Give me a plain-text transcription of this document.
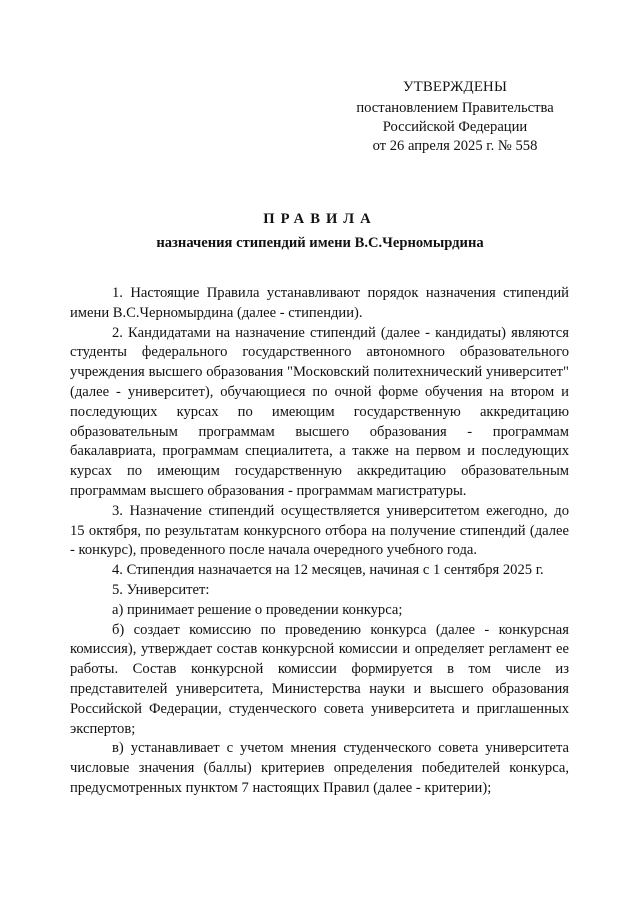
УТВЕРЖДЕНЫ
постановлением Правительства
Российской Федерации
от 26 апреля 2025 г. № 558
ПРАВИЛА
назначения стипендий имени В.С.Черномырдина

1. Настоящие Правила устанавливают порядок назначения стипендий имени В.С.Черномырдина (далее - стипендии).

2. Кандидатами на назначение стипендий (далее - кандидаты) являются студенты федерального государственного автономного образовательного учреждения высшего образования "Московский политехнический университет" (далее - университет), обучающиеся по очной форме обучения на втором и последующих курсах по имеющим государственную аккредитацию образовательным программам высшего образования - программам бакалавриата, программам специалитета, а также на первом и последующих курсах по имеющим государственную аккредитацию образовательным программам высшего образования - программам магистратуры.

3. Назначение стипендий осуществляется университетом ежегодно, до 15 октября, по результатам конкурсного отбора на получение стипендий (далее - конкурс), проведенного после начала очередного учебного года.

4. Стипендия назначается на 12 месяцев, начиная с 1 сентября 2025 г.

5. Университет:

а) принимает решение о проведении конкурса;

б) создает комиссию по проведению конкурса (далее - конкурсная комиссия), утверждает состав конкурсной комиссии и определяет регламент ее работы. Состав конкурсной комиссии формируется в том числе из представителей университета, Министерства науки и высшего образования Российской Федерации, студенческого совета университета и приглашенных экспертов;

в) устанавливает с учетом мнения студенческого совета университета числовые значения (баллы) критериев определения победителей конкурса, предусмотренных пунктом 7 настоящих Правил (далее - критерии);
